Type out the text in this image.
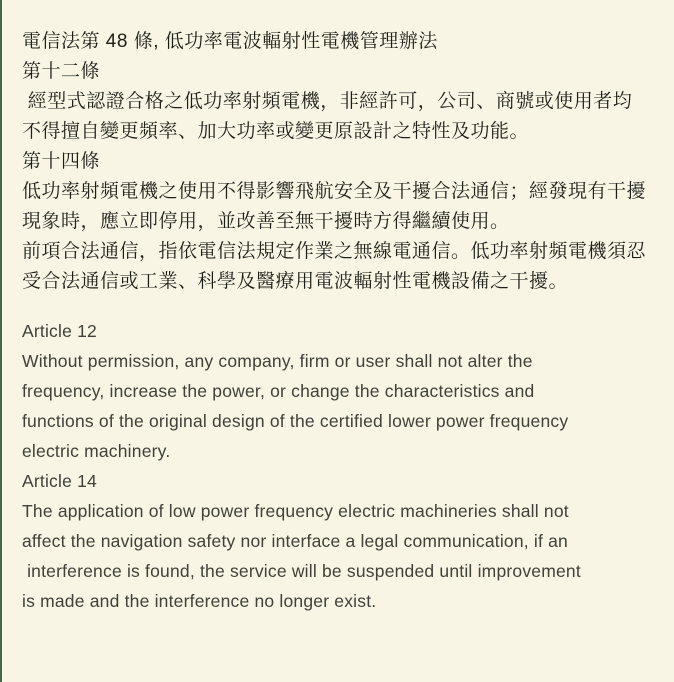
電信法第 48 條, 低功率電波輻射性電機管理辦法
第十二條
經型式認證合格之低功率射頻電機，非經許可，公司、商號或使用者均
不得擅自變更頻率、加大功率或變更原設計之特性及功能。
第十四條
低功率射頻電機之使用不得影響飛航安全及干擾合法通信；經發現有干擾
現象時，應立即停用，並改善至無干擾時方得繼續使用。
前項合法通信，指依電信法規定作業之無線電通信。低功率射頻電機須忍
受合法通信或工業、科學及醫療用電波輻射性電機設備之干擾。
Article 12
Without permission, any company, firm or user shall not alter the
frequency, increase the power, or change the characteristics and
functions of the original design of the certified lower power frequency
electric machinery.
Article 14
The application of low power frequency electric machineries shall not
affect the navigation safety nor interface a legal communication, if an
interference is found, the service will be suspended until improvement
is made and the interference no longer exist.
